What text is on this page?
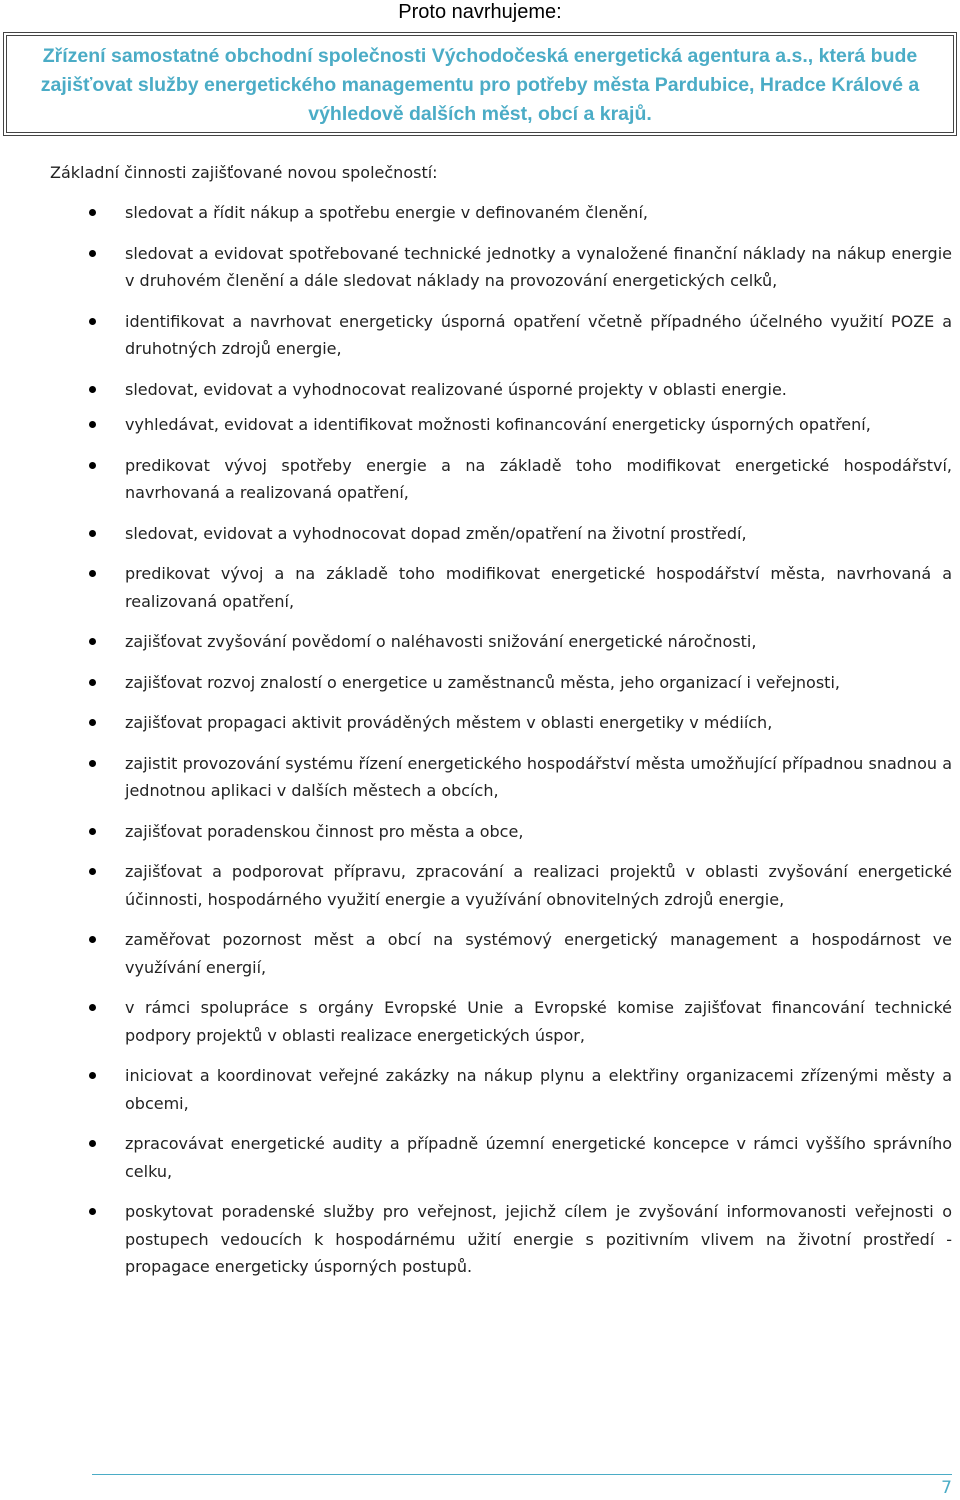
Proto navrhujeme:
Zřízení samostatné obchodní společnosti Východočeská energetická agentura a.s., která bude zajišťovat služby energetického managementu pro potřeby města Pardubice, Hradce Králové a výhledově dalších měst, obcí a krajů.
Základní činnosti zajišťované novou společností:
sledovat a řídit nákup a spotřebu energie v definovaném členění,
sledovat a evidovat spotřebované technické jednotky a vynaložené finanční náklady na nákup energie v druhovém členění a dále sledovat náklady na provozování energetických celků,
identifikovat a navrhovat energeticky úsporná opatření včetně případného účelného využití POZE a druhotných zdrojů energie,
sledovat, evidovat a vyhodnocovat realizované úsporné projekty v oblasti energie.
vyhledávat, evidovat a identifikovat možnosti kofinancování energeticky úsporných opatření,
predikovat vývoj spotřeby energie a na základě toho modifikovat energetické hospodářství, navrhovaná a realizovaná opatření,
sledovat, evidovat a vyhodnocovat dopad změn/opatření na životní prostředí,
predikovat vývoj a na základě toho modifikovat energetické hospodářství města, navrhovaná a realizovaná opatření,
zajišťovat zvyšování povědomí o naléhavosti snižování energetické náročnosti,
zajišťovat rozvoj znalostí o energetice u zaměstnanců města, jeho organizací i veřejnosti,
zajišťovat propagaci aktivit prováděných městem v oblasti energetiky v médiích,
zajistit provozování systému řízení energetického hospodářství města umožňující případnou snadnou a jednotnou aplikaci v dalších městech a obcích,
zajišťovat poradenskou činnost pro města a obce,
zajišťovat a podporovat přípravu, zpracování a realizaci projektů v oblasti zvyšování energetické účinnosti, hospodárného využití energie a využívání obnovitelných zdrojů energie,
zaměřovat pozornost měst a obcí na systémový energetický management a hospodárnost ve využívání energií,
v rámci spolupráce s orgány Evropské Unie a Evropské komise zajišťovat financování technické podpory projektů v oblasti realizace energetických úspor,
iniciovat a koordinovat veřejné zakázky na nákup plynu a elektřiny organizacemi zřízenými městy a obcemi,
zpracovávat energetické audity a případně územní energetické koncepce v rámci vyššího správního celku,
poskytovat poradenské služby pro veřejnost, jejichž cílem je zvyšování informovanosti veřejnosti o postupech vedoucích k hospodárnému užití energie s pozitivním vlivem na životní prostředí - propagace energeticky úsporných postupů.
7
